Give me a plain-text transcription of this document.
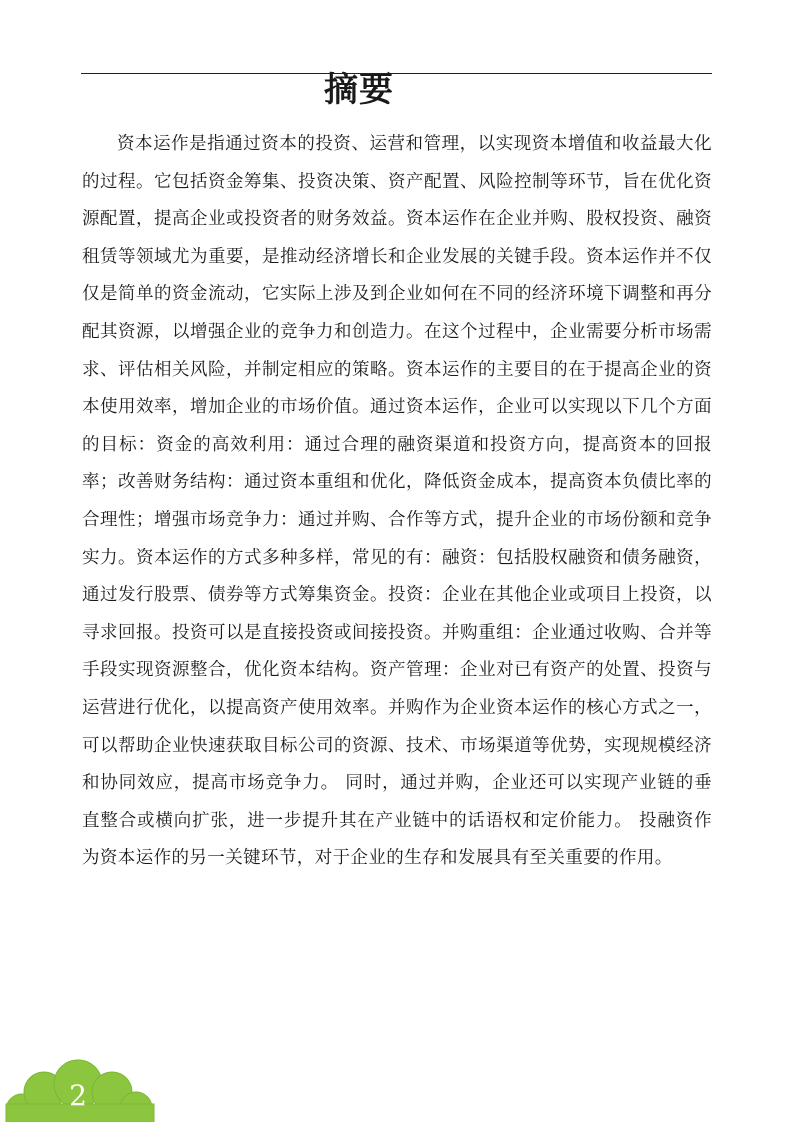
摘要

资本运作是指通过资本的投资、运营和管理，以实现资本增值和收益最大化的过程。它包括资金筹集、投资决策、资产配置、风险控制等环节，旨在优化资源配置，提高企业或投资者的财务效益。资本运作在企业并购、股权投资、融资租赁等领域尤为重要，是推动经济增长和企业发展的关键手段。资本运作并不仅仅是简单的资金流动，它实际上涉及到企业如何在不同的经济环境下调整和再分配其资源，以增强企业的竞争力和创造力。在这个过程中，企业需要分析市场需求、评估相关风险，并制定相应的策略。资本运作的主要目的在于提高企业的资本使用效率，增加企业的市场价值。通过资本运作，企业可以实现以下几个方面的目标：资金的高效利用：通过合理的融资渠道和投资方向，提高资本的回报率；改善财务结构：通过资本重组和优化，降低资金成本，提高资本负债比率的合理性；增强市场竞争力：通过并购、合作等方式，提升企业的市场份额和竞争实力。资本运作的方式多种多样，常见的有：融资：包括股权融资和债务融资，通过发行股票、债券等方式筹集资金。投资：企业在其他企业或项目上投资，以寻求回报。投资可以是直接投资或间接投资。并购重组：企业通过收购、合并等手段实现资源整合，优化资本结构。资产管理：企业对已有资产的处置、投资与运营进行优化，以提高资产使用效率。并购作为企业资本运作的核心方式之一，可以帮助企业快速获取目标公司的资源、技术、市场渠道等优势，实现规模经济和协同效应，提高市场竞争力。 同时，通过并购，企业还可以实现产业链的垂直整合或横向扩张，进一步提升其在产业链中的话语权和定价能力。 投融资作为资本运作的另一关键环节，对于企业的生存和发展具有至关重要的作用。

2
